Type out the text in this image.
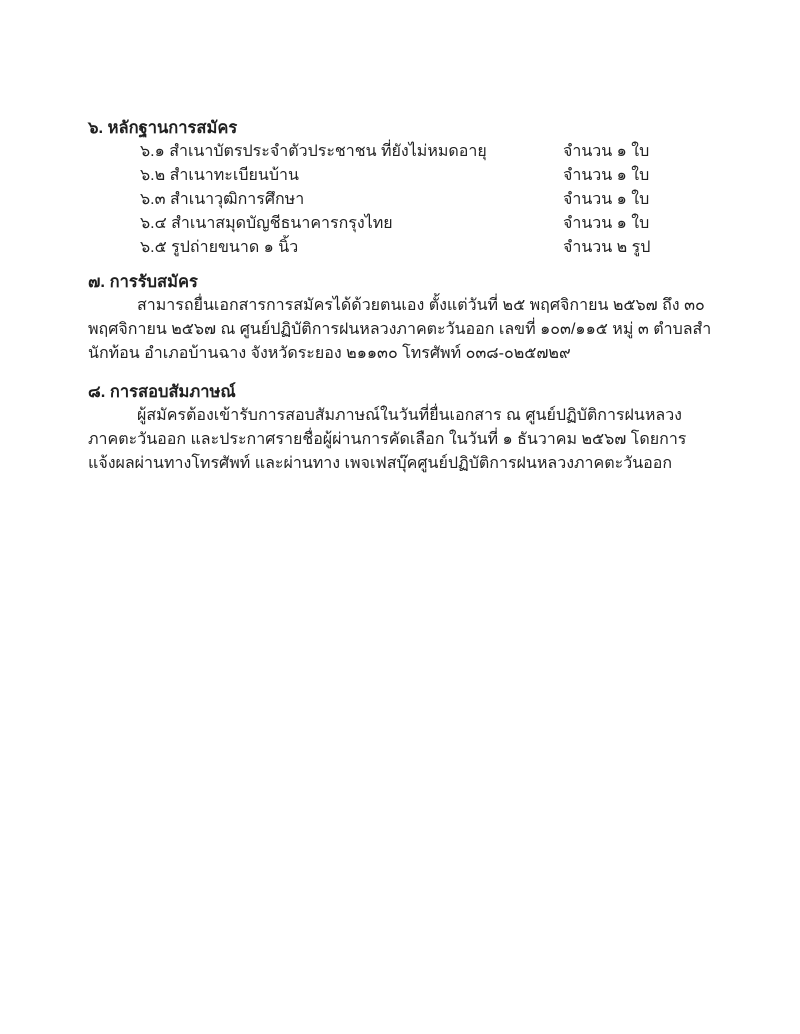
๖. หลักฐานการสมัคร
๖.๑ สำเนาบัตรประจำตัวประชาชน ที่ยังไม่หมดอายุ	จำนวน ๑ ใบ
๖.๒ สำเนาทะเบียนบ้าน	จำนวน ๑ ใบ
๖.๓ สำเนาวุฒิการศึกษา	จำนวน ๑ ใบ
๖.๔ สำเนาสมุดบัญชีธนาคารกรุงไทย	จำนวน ๑ ใบ
๖.๕ รูปถ่ายขนาด ๑ นิ้ว	จำนวน ๒ รูป
๗. การรับสมัคร

สามารถยื่นเอกสารการสมัครได้ด้วยตนเอง ตั้งแต่วันที่ ๒๕ พฤศจิกายน ๒๕๖๗ ถึง ๓๐ พฤศจิกายน ๒๕๖๗ ณ ศูนย์ปฏิบัติการฝนหลวงภาคตะวันออก เลขที่ ๑๐๓/๑๑๕ หมู่ ๓ ตำบลสำนักท้อน อำเภอบ้านฉาง จังหวัดระยอง ๒๑๑๓๐ โทรศัพท์ ๐๓๘-๐๒๕๗๒๙

๘. การสอบสัมภาษณ์

ผู้สมัครต้องเข้ารับการสอบสัมภาษณ์ในวันที่ยื่นเอกสาร ณ ศูนย์ปฏิบัติการฝนหลวงภาคตะวันออก และประกาศรายชื่อผู้ผ่านการคัดเลือก ในวันที่ ๑ ธันวาคม ๒๕๖๗ โดยการแจ้งผลผ่านทางโทรศัพท์ และผ่านทาง เพจเฟสบุ๊คศูนย์ปฏิบัติการฝนหลวงภาคตะวันออก
